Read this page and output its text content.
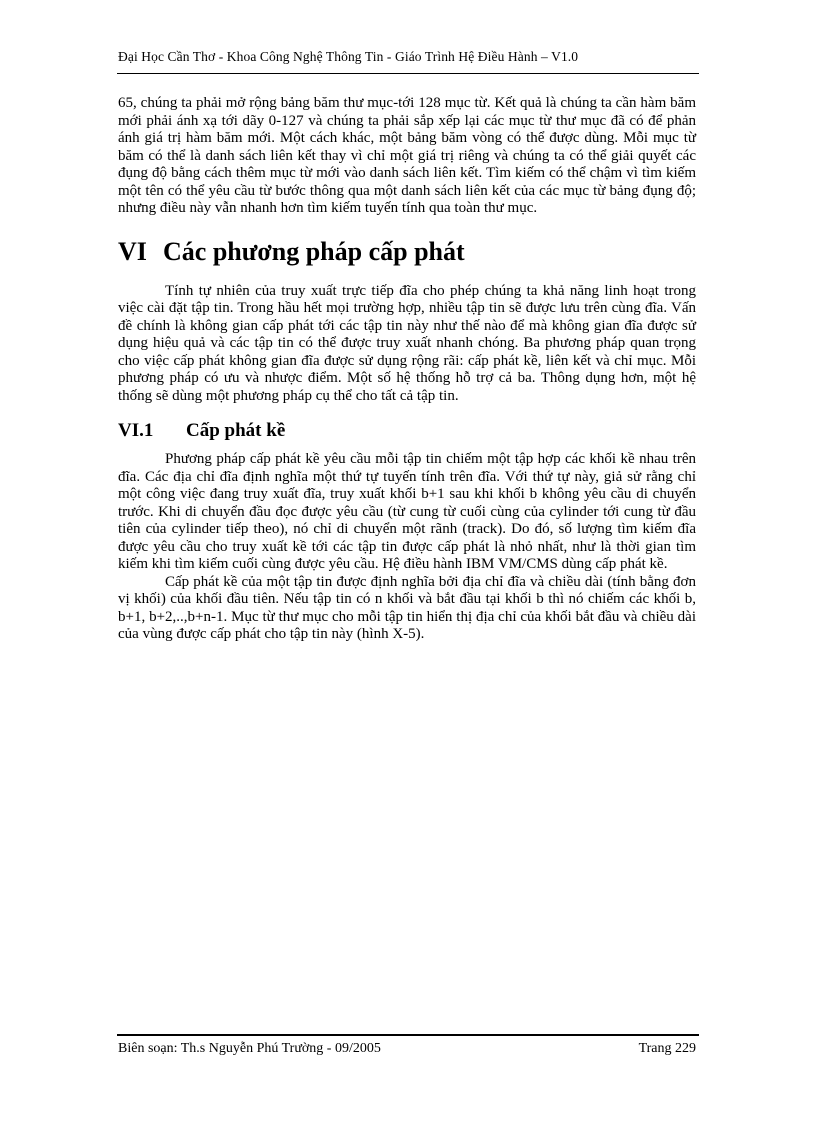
Đại Học Cần Thơ - Khoa Công Nghệ Thông Tin - Giáo Trình Hệ Điều Hành – V1.0

65, chúng ta phải mở rộng bảng băm thư mục-tới 128 mục từ. Kết quả là chúng ta cần hàm băm mới phải ánh xạ tới dãy 0-127 và chúng ta phải sắp xếp lại các mục từ thư mục đã có để phản ánh giá trị hàm băm mới. Một cách khác, một bảng băm vòng có thể được dùng. Mỗi mục từ băm có thể là danh sách liên kết thay vì chỉ một giá trị riêng và chúng ta có thể giải quyết các đụng độ bằng cách thêm mục từ mới vào danh sách liên kết. Tìm kiếm có thể chậm vì tìm kiếm một tên có thể yêu cầu từ bước thông qua một danh sách liên kết của các mục từ bảng đụng độ; nhưng điều này vẫn nhanh hơn tìm kiếm tuyến tính qua toàn thư mục.

VI Các phương pháp cấp phát

Tính tự nhiên của truy xuất trực tiếp đĩa cho phép chúng ta khả năng linh hoạt trong việc cài đặt tập tin. Trong hầu hết mọi trường hợp, nhiều tập tin sẽ được lưu trên cùng đĩa. Vấn đề chính là không gian cấp phát tới các tập tin này như thế nào để mà không gian đĩa được sử dụng hiệu quả và các tập tin có thể được truy xuất nhanh chóng. Ba phương pháp quan trọng cho việc cấp phát không gian đĩa được sử dụng rộng rãi: cấp phát kề, liên kết và chỉ mục. Mỗi phương pháp có ưu và nhược điểm. Một số hệ thống hỗ trợ cả ba. Thông dụng hơn, một hệ thống sẽ dùng một phương pháp cụ thể cho tất cả tập tin.

VI.1	Cấp phát kề

Phương pháp cấp phát kề yêu cầu mỗi tập tin chiếm một tập hợp các khối kề nhau trên đĩa. Các địa chỉ đĩa định nghĩa một thứ tự tuyến tính trên đĩa. Với thứ tự này, giả sử rằng chỉ một công việc đang truy xuất đĩa, truy xuất khối b+1 sau khi khối b không yêu cầu di chuyển trước. Khi di chuyển đầu đọc được yêu cầu (từ cung từ cuối cùng của cylinder tới cung từ đầu tiên của cylinder tiếp theo), nó chỉ di chuyển một rãnh (track). Do đó, số lượng tìm kiếm đĩa được yêu cầu cho truy xuất kề tới các tập tin được cấp phát là nhỏ nhất, như là thời gian tìm kiếm khi tìm kiếm cuối cùng được yêu cầu. Hệ điều hành IBM VM/CMS dùng cấp phát kề.

Cấp phát kề của một tập tin được định nghĩa bởi địa chỉ đĩa và chiều dài (tính bằng đơn vị khối) của khối đầu tiên. Nếu tập tin có n khối và bắt đầu tại khối b thì nó chiếm các khối b, b+1, b+2,..,b+n-1. Mục từ thư mục cho mỗi tập tin hiển thị địa chỉ của khối bắt đầu và chiều dài của vùng được cấp phát cho tập tin này (hình X-5).

Biên soạn: Th.s Nguyễn Phú Trường - 09/2005	Trang 229
